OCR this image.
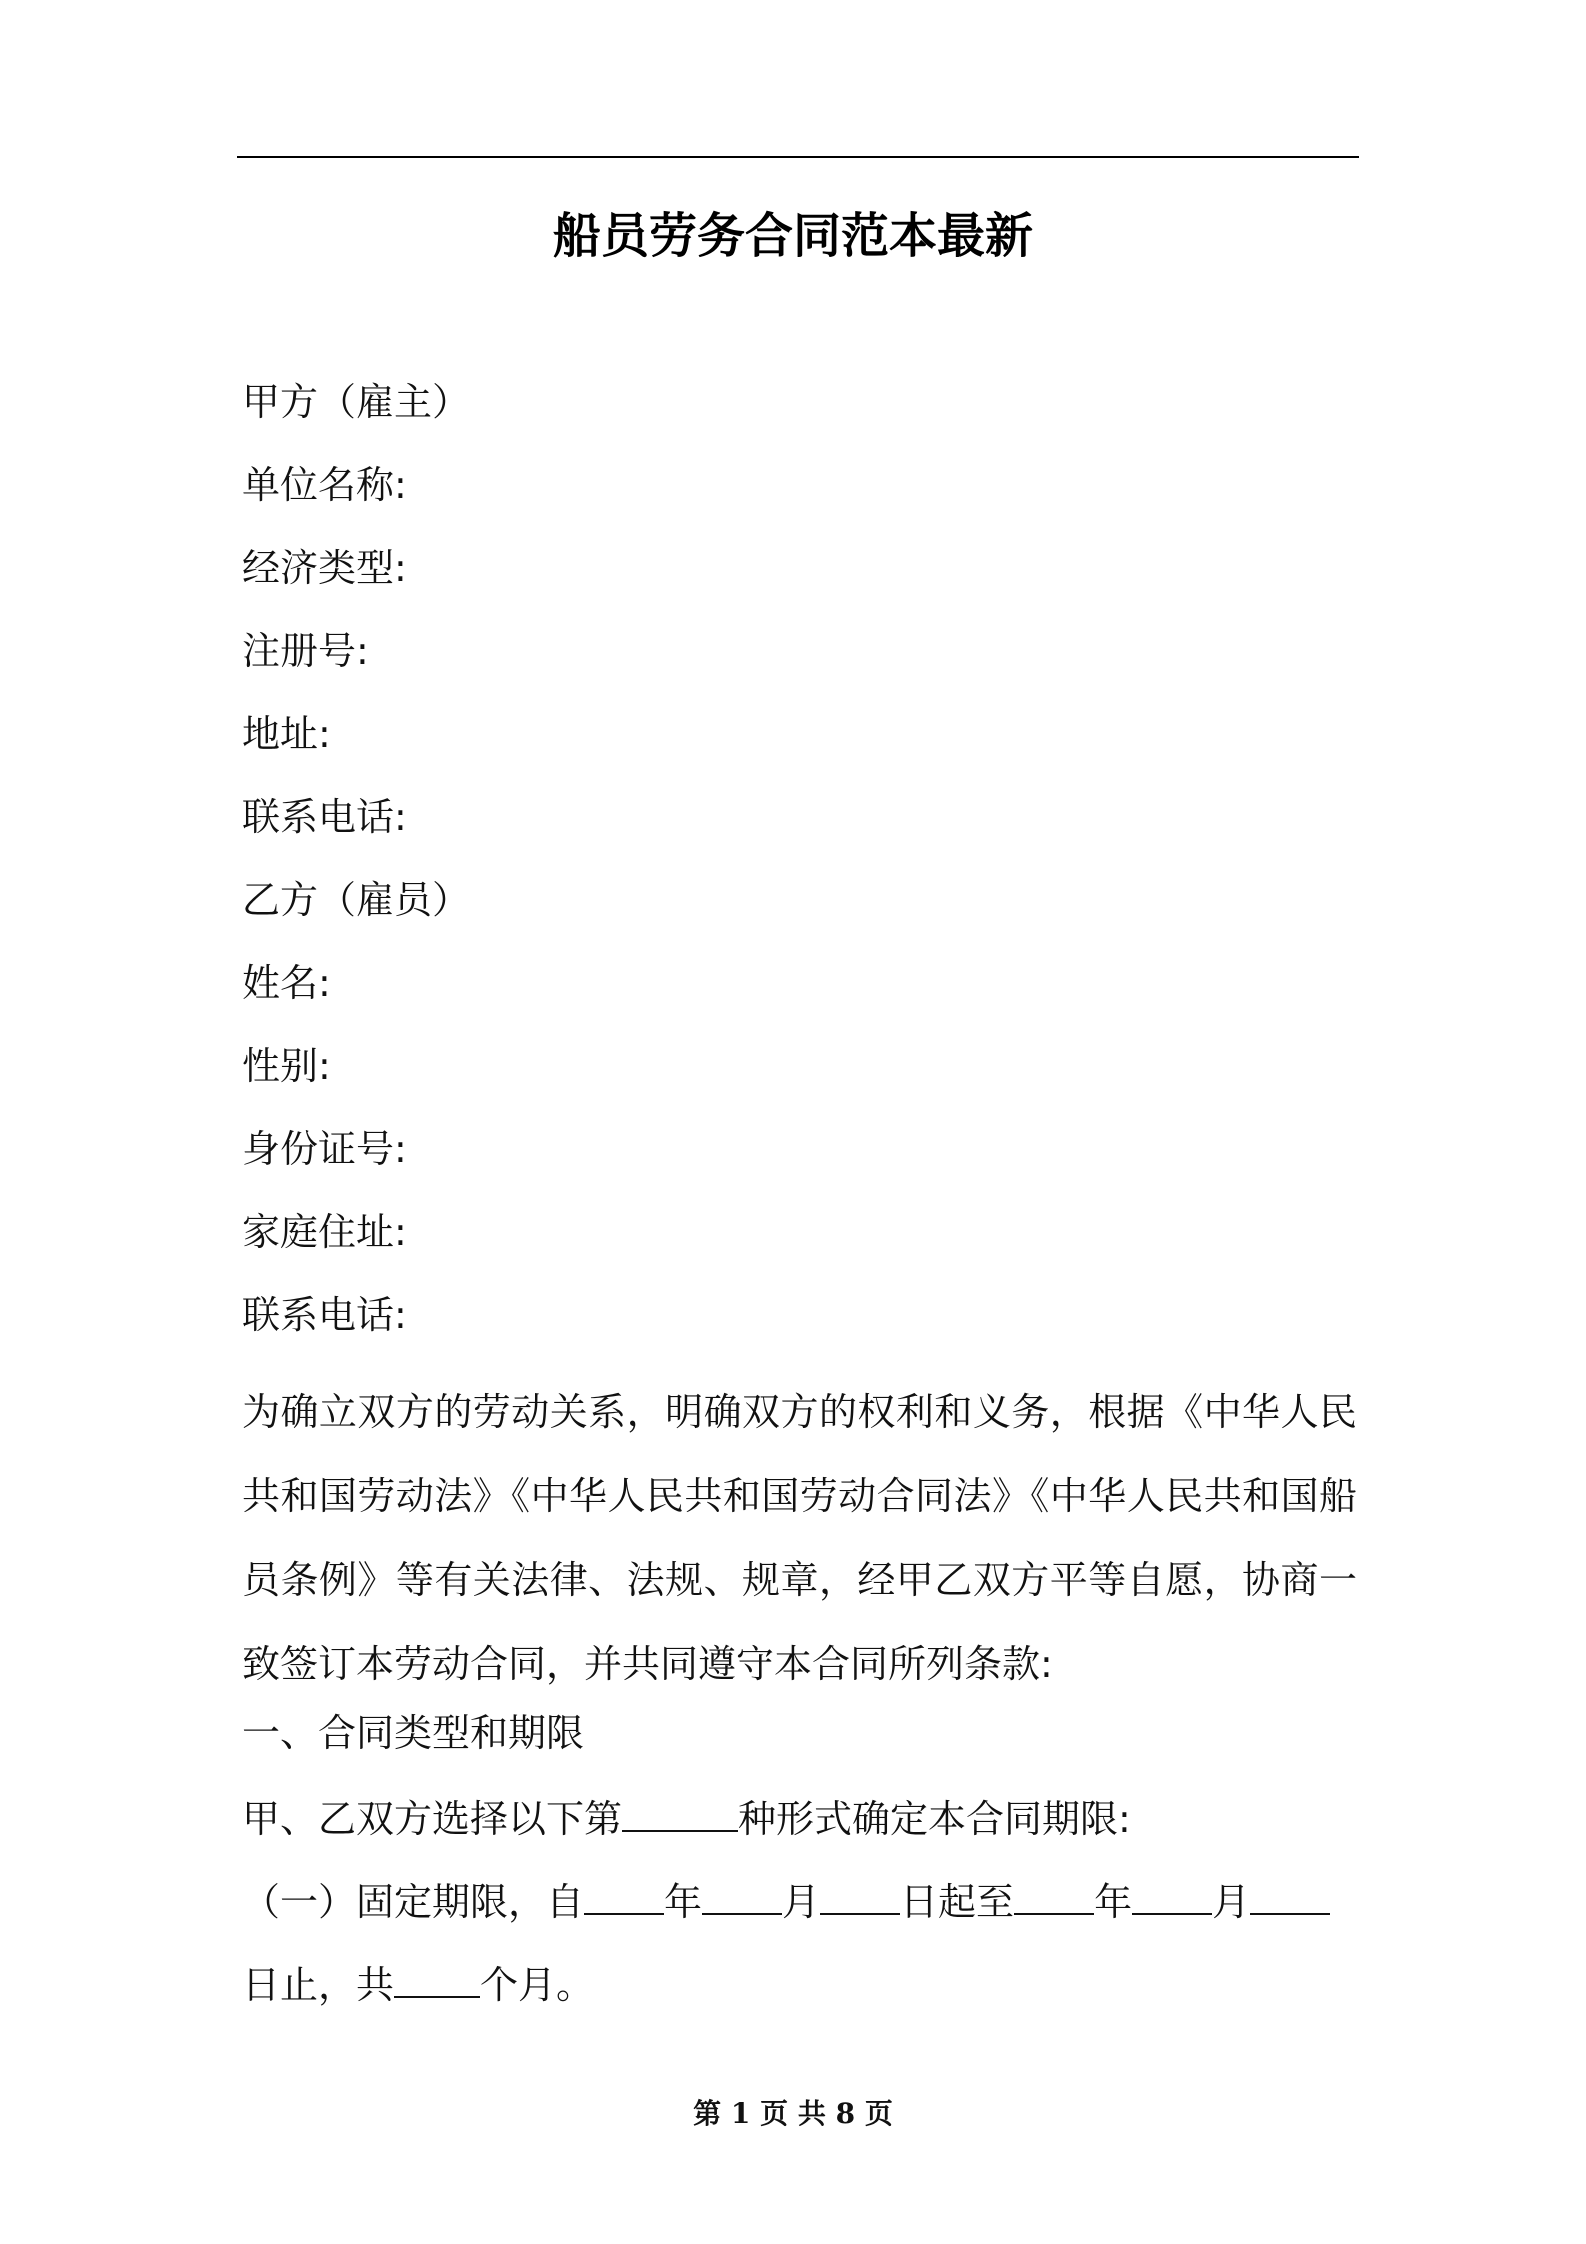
船员劳务合同范本最新
甲方（雇主）
单位名称:
经济类型:
注册号:
地址:
联系电话:
乙方（雇员）
姓名:
性别:
身份证号:
家庭住址:
联系电话:
为确立双方的劳动关系，明确双方的权利和义务，根据《中华人民共和国劳动法》《中华人民共和国劳动合同法》《中华人民共和国船员条例》等有关法律、法规、规章，经甲乙双方平等自愿，协商一致签订本劳动合同，并共同遵守本合同所列条款:
一、合同类型和期限
甲、乙双方选择以下第	种形式确定本合同期限:
（一）固定期限，自 年 月 日起至 年 月
日止，共 个月。
第 1 页 共 8 页
